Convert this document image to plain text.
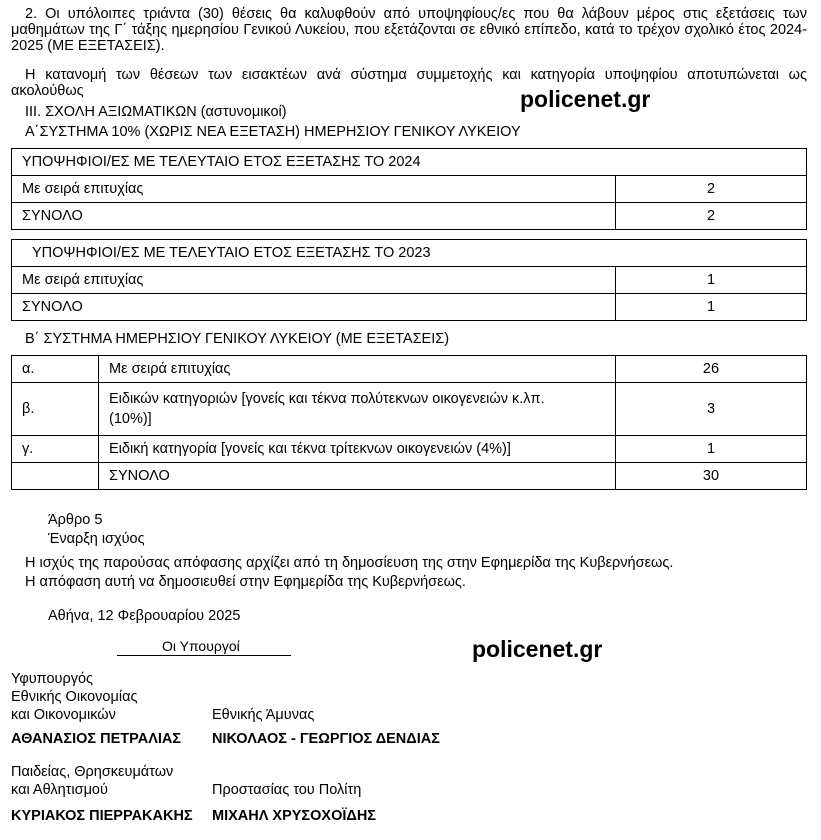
2. Οι υπόλοιπες τριάντα (30) θέσεις θα καλυφθούν από υποψηφίους/ες που θα λάβουν μέρος στις εξετάσεις των μαθημάτων της Γ΄ τάξης ημερησίου Γενικού Λυκείου, που εξετάζονται σε εθνικό επίπεδο, κατά το τρέχον σχολικό έτος 2024-2025 (ΜΕ ΕΞΕΤΑΣΕΙΣ).
Η κατανομή των θέσεων των εισακτέων ανά σύστημα συμμετοχής και κατηγορία υποψηφίου αποτυπώνεται ως ακολούθως
ΙΙΙ. ΣΧΟΛΗ ΑΞΙΩΜΑΤΙΚΩΝ (αστυνομικοί)
Α΄ΣΥΣΤΗΜΑ 10% (ΧΩΡΙΣ ΝΕΑ ΕΞΕΤΑΣΗ) ΗΜΕΡΗΣΙΟΥ ΓΕΝΙΚΟΥ ΛΥΚΕΙΟΥ
policenet.gr
policenet.gr
ΥΠΟΨΗΦΙΟΙ/ΕΣ ΜΕ ΤΕΛΕΥΤΑΙΟ ΕΤΟΣ ΕΞΕΤΑΣΗΣ ΤΟ 2024	
Με σειρά επιτυχίας	2
ΣΥΝΟΛΟ	2
ΥΠΟΨΗΦΙΟΙ/ΕΣ ΜΕ ΤΕΛΕΥΤΑΙΟ ΕΤΟΣ ΕΞΕΤΑΣΗΣ ΤΟ 2023	
Με σειρά επιτυχίας	1
ΣΥΝΟΛΟ	1
Β΄ ΣΥΣΤΗΜΑ ΗΜΕΡΗΣΙΟΥ ΓΕΝΙΚΟΥ ΛΥΚΕΙΟΥ (ΜΕ ΕΞΕΤΑΣΕΙΣ)
α.	Με σειρά επιτυχίας	26
β.	Ειδικών κατηγοριών [γονείς και τέκνα πολύτεκνων οικογενειών κ.λπ.
(10%)]	3
γ.	Ειδική κατηγορία [γονείς και τέκνα τρίτεκνων οικογενειών (4%)]	1
	ΣΥΝΟΛΟ	30
Άρθρο 5
Έναρξη ισχύος
Η ισχύς της παρούσας απόφασης αρχίζει από τη δημοσίευση της στην Εφημερίδα της Κυβερνήσεως.
Η απόφαση αυτή να δημοσιευθεί στην Εφημερίδα της Κυβερνήσεως.
Αθήνα, 12 Φεβρουαρίου 2025
Οι Υπουργοί
Υφυπουργός
Εθνικής Οικονομίας
και Οικονομικών
ΑΘΑΝΑΣΙΟΣ ΠΕΤΡΑΛΙΑΣ
Εθνικής Άμυνας
ΝΙΚΟΛΑΟΣ - ΓΕΩΡΓΙΟΣ ΔΕΝΔΙΑΣ
Παιδείας, Θρησκευμάτων
και Αθλητισμού
ΚΥΡΙΑΚΟΣ ΠΙΕΡΡΑΚΑΚΗΣ
Προστασίας του Πολίτη
ΜΙΧΑΗΛ ΧΡΥΣΟΧΟΪΔΗΣ
